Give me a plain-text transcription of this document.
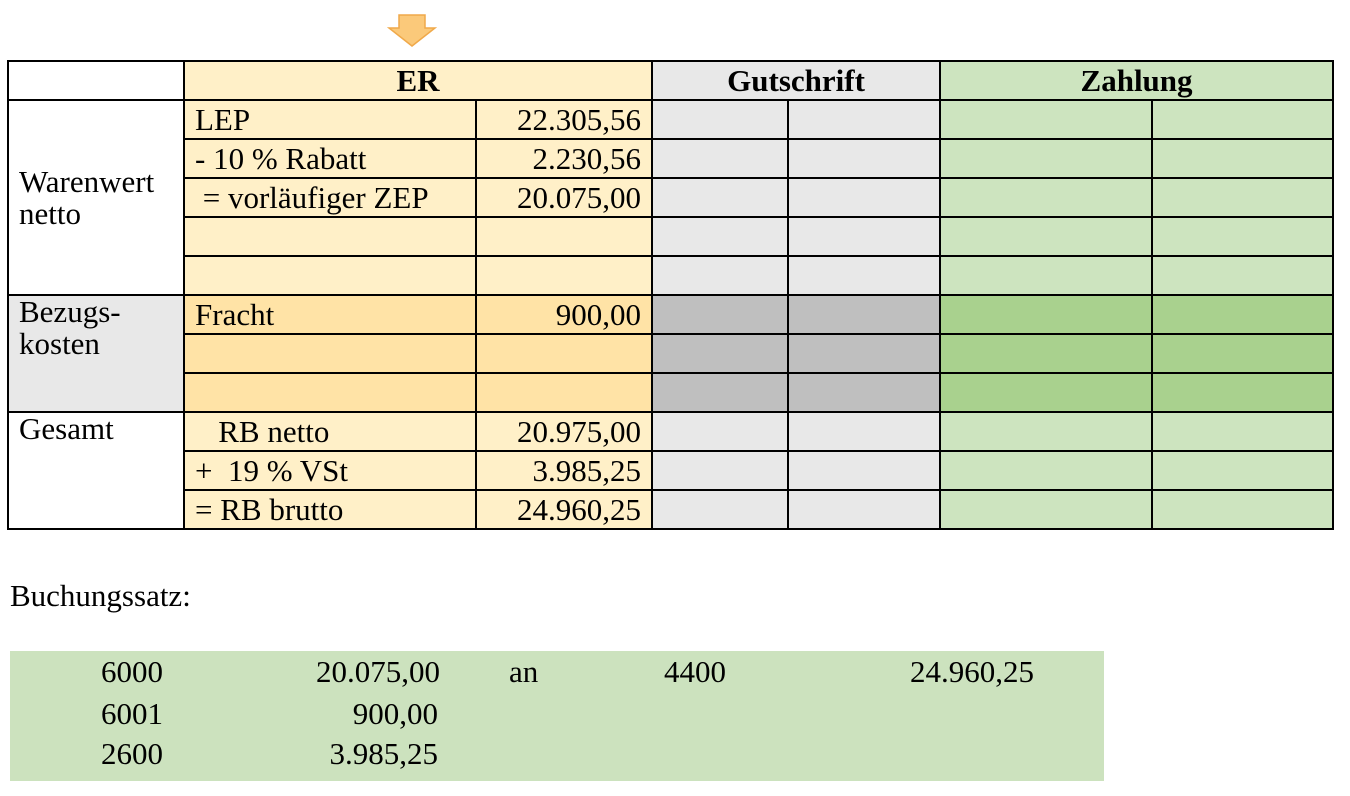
	ER		Gutschrift		Zahlung	
Warenwert netto	LEP	22.305,56				
	- 10 % Rabatt	2.230,56				
	= vorläufiger ZEP	20.075,00				

Bezugs-
kosten	Fracht	900,00				

Gesamt	RB netto	20.975,00				
	+  19 % VSt	3.985,25				
	= RB brutto	24.960,25				
Buchungssatz:
6000	20.075,00 an	4400	24.960,25
6001	900,00
2600	3.985,25
